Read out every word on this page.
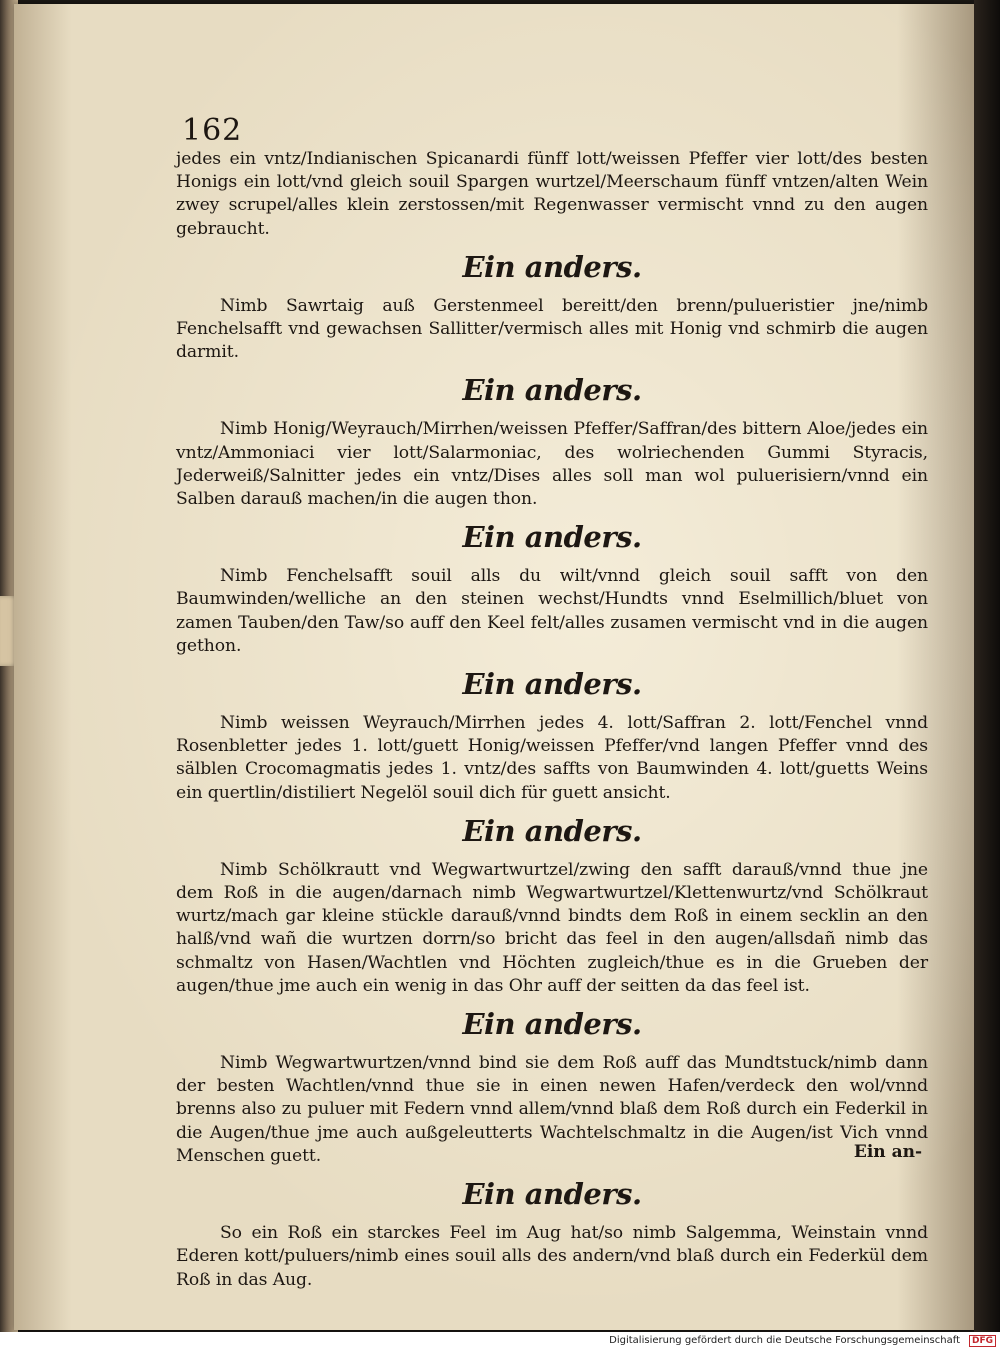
162

jedes ein vntz/Indianischen Spicanardi fünff lott/weissen Pfeffer vier lott/des besten Honigs ein lott/vnd gleich souil Spargen wurtzel/Meerschaum fünff vntzen/alten Wein zwey scrupel/alles klein zerstossen/mit Regenwasser vermischt vnnd zu den augen gebraucht.

Ein anders.

Nimb Sawrtaig auß Gerstenmeel bereitt/den brenn/pulueristier jne/nimb Fenchelsafft vnd gewachsen Sallitter/vermisch alles mit Honig vnd schmirb die augen darmit.

Ein anders.

Nimb Honig/Weyrauch/Mirrhen/weissen Pfeffer/Saffran/des bittern Aloe/jedes ein vntz/Ammoniaci vier lott/Salarmoniac, des wolriechenden Gummi Styracis, Jederweiß/Salnitter jedes ein vntz/Dises alles soll man wol puluerisiern/vnnd ein Salben darauß machen/in die augen thon.

Ein anders.

Nimb Fenchelsafft souil alls du wilt/vnnd gleich souil safft von den Baumwinden/welliche an den steinen wechst/Hundts vnnd Eselmillich/bluet von zamen Tauben/den Taw/so auff den Keel felt/alles zusamen vermischt vnd in die augen gethon.

Ein anders.

Nimb weissen Weyrauch/Mirrhen jedes 4. lott/Saffran 2. lott/Fenchel vnnd Rosenbletter jedes 1. lott/guett Honig/weissen Pfeffer/vnd langen Pfeffer vnnd des sälblen Crocomagmatis jedes 1. vntz/des saffts von Baumwinden 4. lott/guetts Weins ein quertlin/distiliert Negelöl souil dich für guett ansicht.

Ein anders.

Nimb Schölkrautt vnd Wegwartwurtzel/zwing den safft darauß/vnnd thue jne dem Roß in die augen/darnach nimb Wegwartwurtzel/Klettenwurtz/vnd Schölkraut wurtz/mach gar kleine stückle darauß/vnnd bindts dem Roß in einem secklin an den halß/vnd wañ die wurtzen dorrn/so bricht das feel in den augen/allsdañ nimb das schmaltz von Hasen/Wachtlen vnd Höchten zugleich/thue es in die Grueben der augen/thue jme auch ein wenig in das Ohr auff der seitten da das feel ist.

Ein anders.

Nimb Wegwartwurtzen/vnnd bind sie dem Roß auff das Mundtstuck/nimb dann der besten Wachtlen/vnnd thue sie in einen newen Hafen/verdeck den wol/vnnd brenns also zu puluer mit Federn vnnd allem/vnnd blaß dem Roß durch ein Federkil in die Augen/thue jme auch außgeleutterts Wachtelschmaltz in die Augen/ist Vich vnnd Menschen guett.

Ein anders.

So ein Roß ein starckes Feel im Aug hat/so nimb Salgemma, Weinstain vnnd Ederen kott/puluers/nimb eines souil alls des andern/vnd blaß durch ein Federkül dem Roß in das Aug.

Ein an-
Digitalisierung gefördert durch die Deutsche Forschungsgemeinschaft	DFG
